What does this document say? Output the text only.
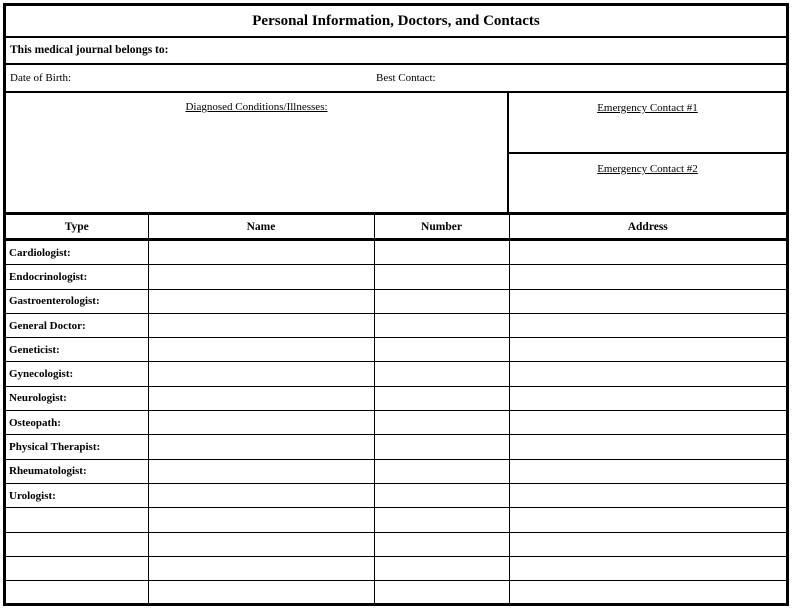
Personal Information, Doctors, and Contacts
This medical journal belongs to:
Date of Birth:	Best Contact:
Diagnosed Conditions/Illnesses:	Emergency Contact #1
Emergency Contact #2
Type	Name	Number	Address
Cardiologist:			
Endocrinologist:			
Gastroenterologist:			
General Doctor:			
Geneticist:			
Gynecologist:			
Neurologist:			
Osteopath:			
Physical Therapist:			
Rheumatologist:			
Urologist:			
